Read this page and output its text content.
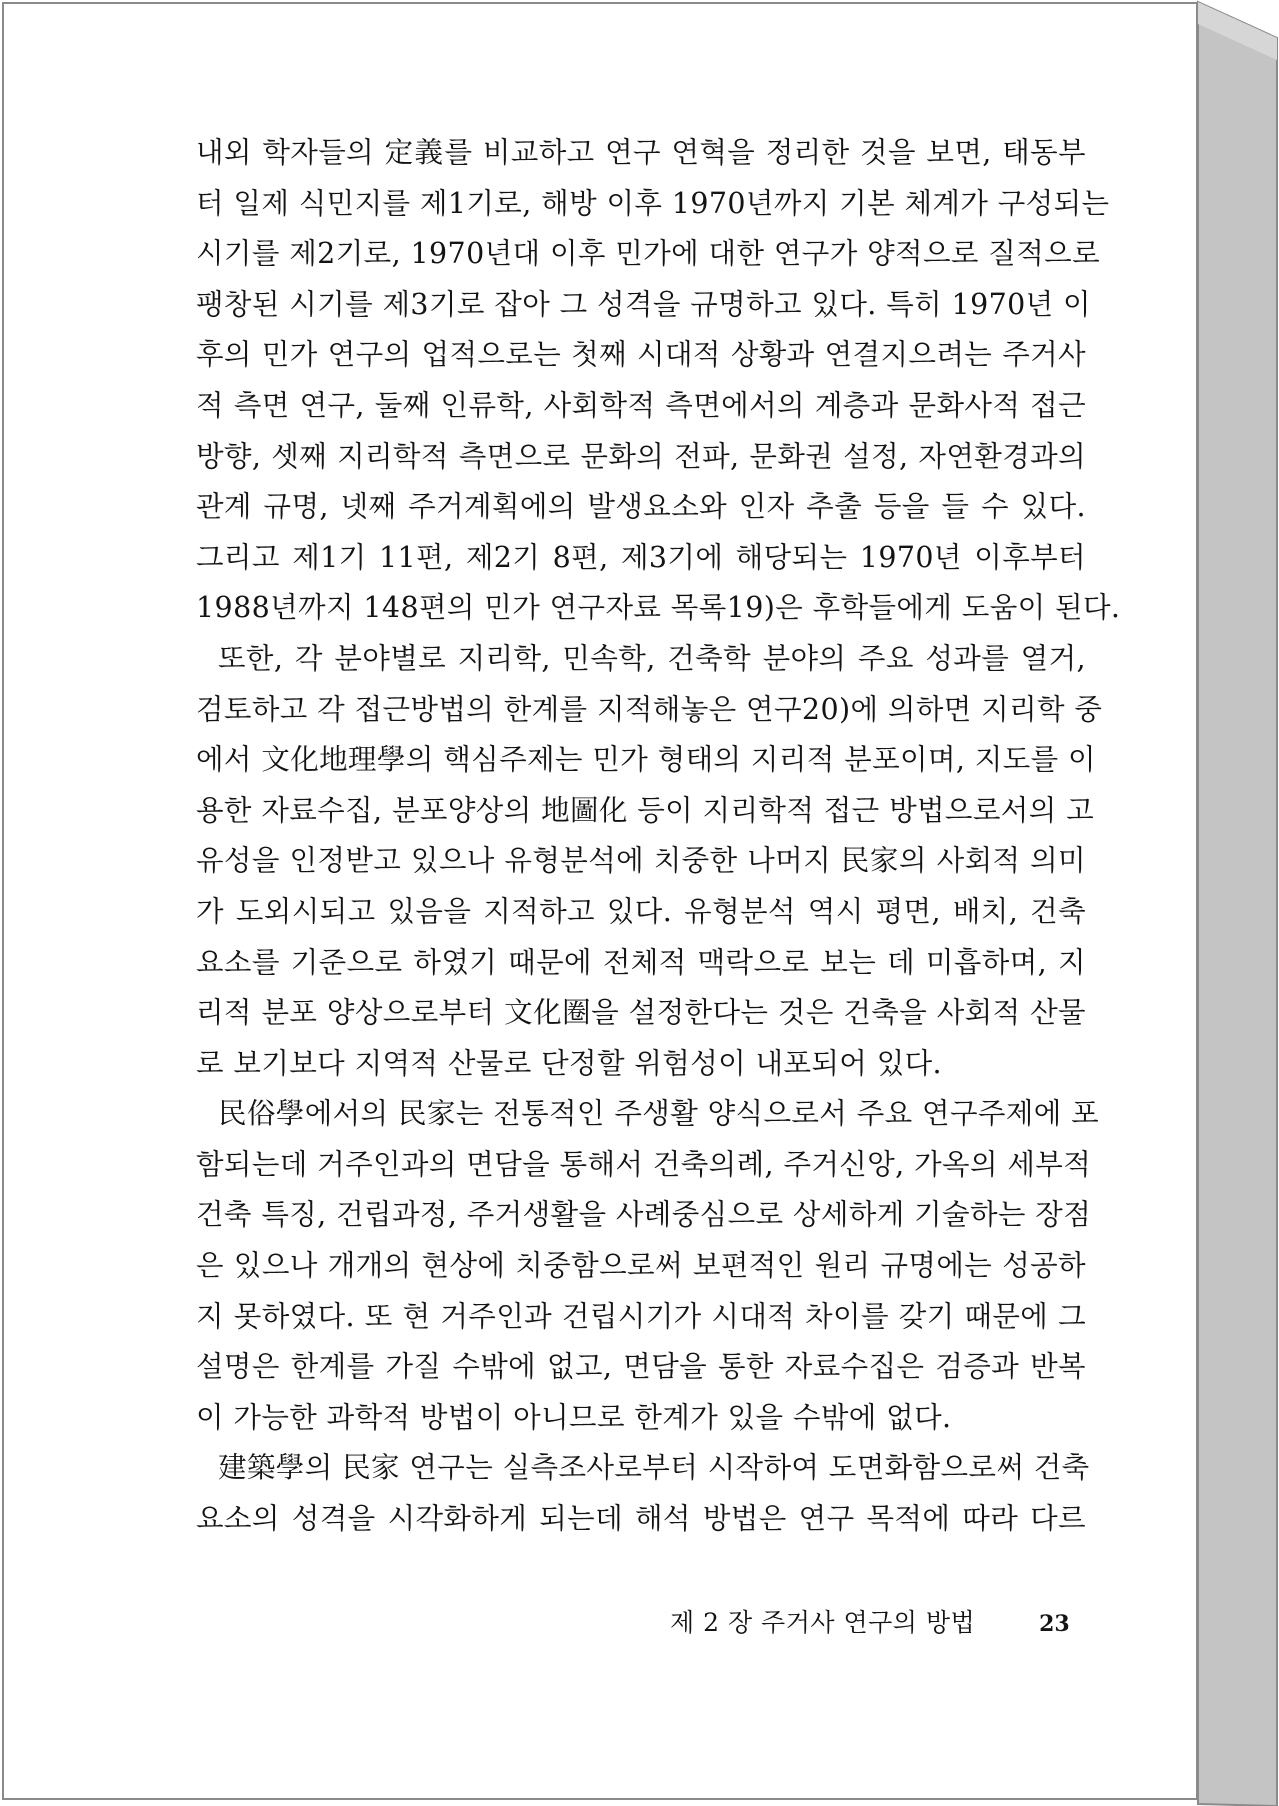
내외 학자들의 定義를 비교하고 연구 연혁을 정리한 것을 보면, 태동부
터 일제 식민지를 제1기로, 해방 이후 1970년까지 기본 체계가 구성되는
시기를 제2기로, 1970년대 이후 민가에 대한 연구가 양적으로 질적으로
팽창된 시기를 제3기로 잡아 그 성격을 규명하고 있다. 특히 1970년 이
후의 민가 연구의 업적으로는 첫째 시대적 상황과 연결지으려는 주거사
적 측면 연구, 둘째 인류학, 사회학적 측면에서의 계층과 문화사적 접근
방향, 셋째 지리학적 측면으로 문화의 전파, 문화권 설정, 자연환경과의
관계 규명, 넷째 주거계획에의 발생요소와 인자 추출 등을 들 수 있다.
그리고 제1기 11편, 제2기 8편, 제3기에 해당되는 1970년 이후부터
1988년까지 148편의 민가 연구자료 목록19)은 후학들에게 도움이 된다.
또한, 각 분야별로 지리학, 민속학, 건축학 분야의 주요 성과를 열거,
검토하고 각 접근방법의 한계를 지적해놓은 연구20)에 의하면 지리학 중
에서 文化地理學의 핵심주제는 민가 형태의 지리적 분포이며, 지도를 이
용한 자료수집, 분포양상의 地圖化 등이 지리학적 접근 방법으로서의 고
유성을 인정받고 있으나 유형분석에 치중한 나머지 民家의 사회적 의미
가 도외시되고 있음을 지적하고 있다. 유형분석 역시 평면, 배치, 건축
요소를 기준으로 하였기 때문에 전체적 맥락으로 보는 데 미흡하며, 지
리적 분포 양상으로부터 文化圈을 설정한다는 것은 건축을 사회적 산물
로 보기보다 지역적 산물로 단정할 위험성이 내포되어 있다.
民俗學에서의 民家는 전통적인 주생활 양식으로서 주요 연구주제에 포
함되는데 거주인과의 면담을 통해서 건축의례, 주거신앙, 가옥의 세부적
건축 특징, 건립과정, 주거생활을 사례중심으로 상세하게 기술하는 장점
은 있으나 개개의 현상에 치중함으로써 보편적인 원리 규명에는 성공하
지 못하였다. 또 현 거주인과 건립시기가 시대적 차이를 갖기 때문에 그
설명은 한계를 가질 수밖에 없고, 면담을 통한 자료수집은 검증과 반복
이 가능한 과학적 방법이 아니므로 한계가 있을 수밖에 없다.
建築學의 民家 연구는 실측조사로부터 시작하여 도면화함으로써 건축
요소의 성격을 시각화하게 되는데 해석 방법은 연구 목적에 따라 다르
제 2 장 주거사 연구의 방법	23
